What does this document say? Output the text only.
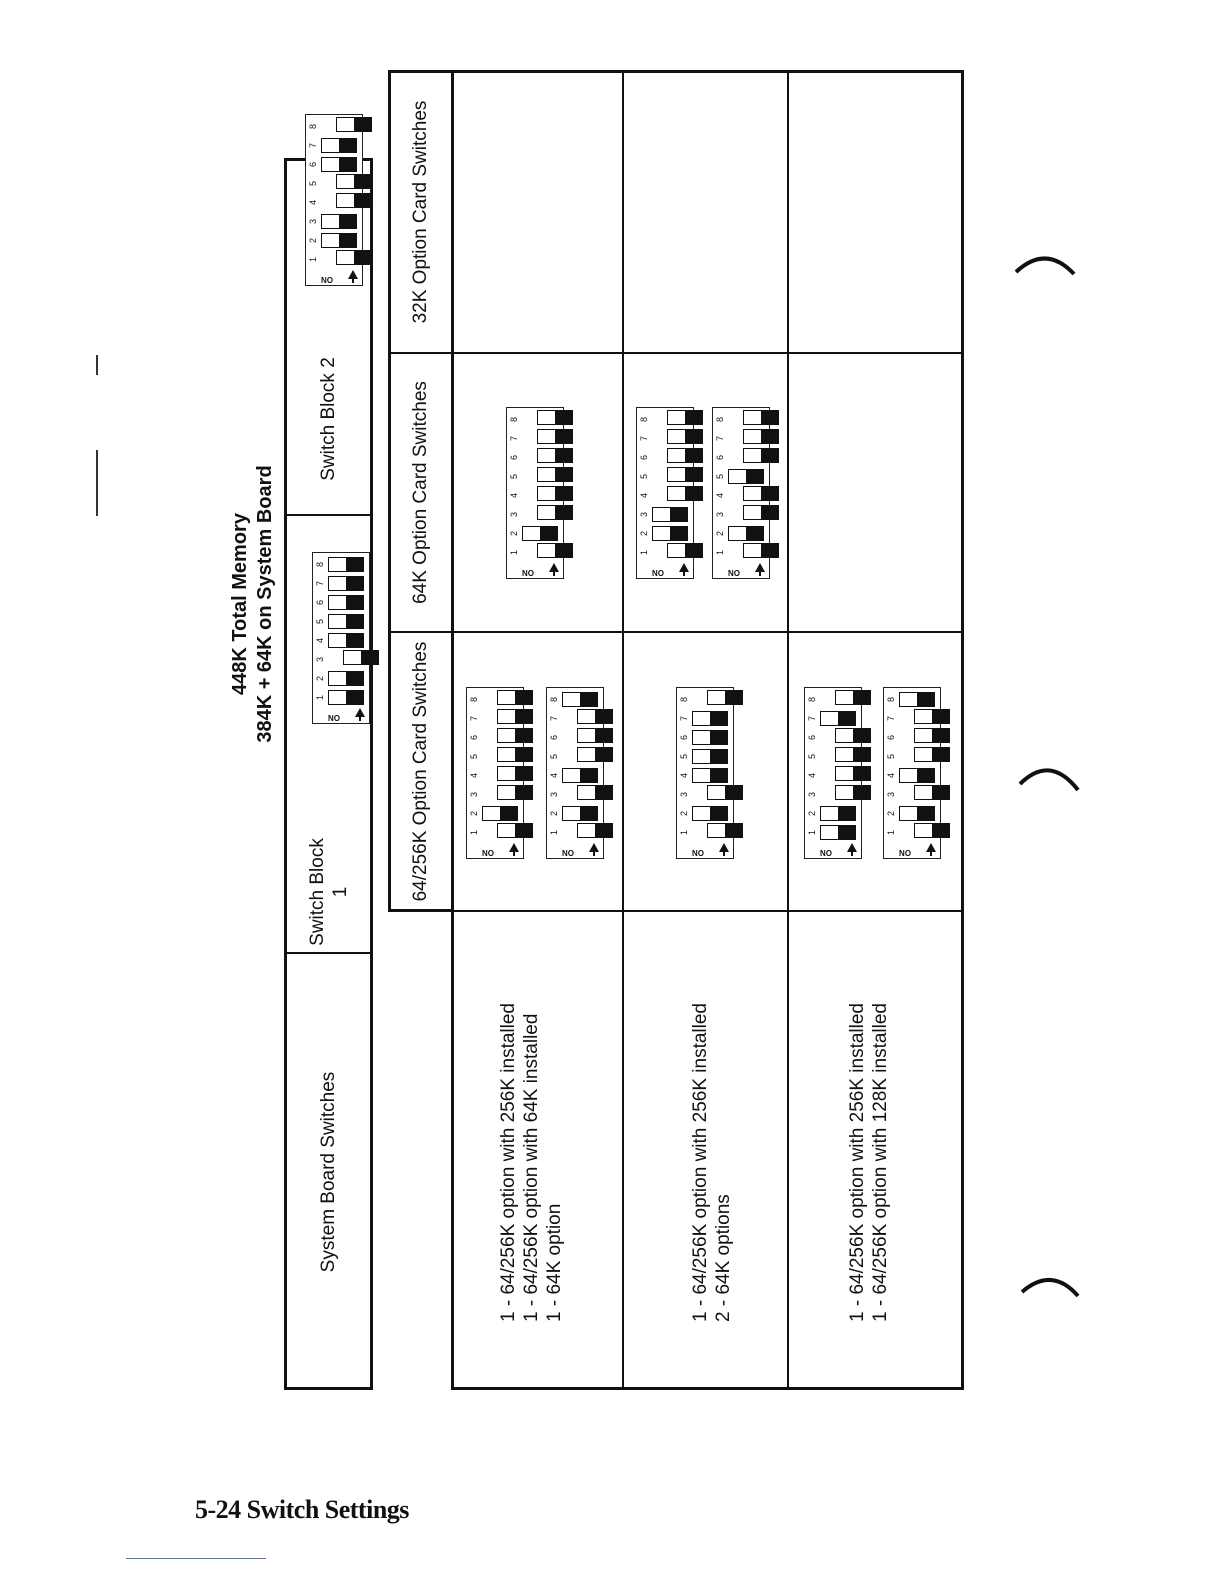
448K Total Memory 384K + 64K on System Board
System Board Switches
Switch Block 1
Switch Block 2
1
2
3
4
5
6
7
8
ON
1
2
3
4
5
6
7
8
ON
64/256K Option Card Switches
64K Option Card Switches
32K Option Card Switches
1 - 64/256K option with 256K installed 1 - 64/256K option with 64K installed 1 - 64K option
1
2
3
4
5
6
7
8
ON
1
2
3
4
5
6
7
8
ON
1
2
3
4
5
6
7
8
ON
1 - 64/256K option with 256K installed 2 - 64K options
1
2
3
4
5
6
7
8
ON
1
2
3
4
5
6
7
8
ON
1
2
3
4
5
6
7
8
ON
1 - 64/256K option with 256K installed 1 - 64/256K option with 128K installed
1
2
3
4
5
6
7
8
ON
1
2
3
4
5
6
7
8
ON
5-24 Switch Settings
